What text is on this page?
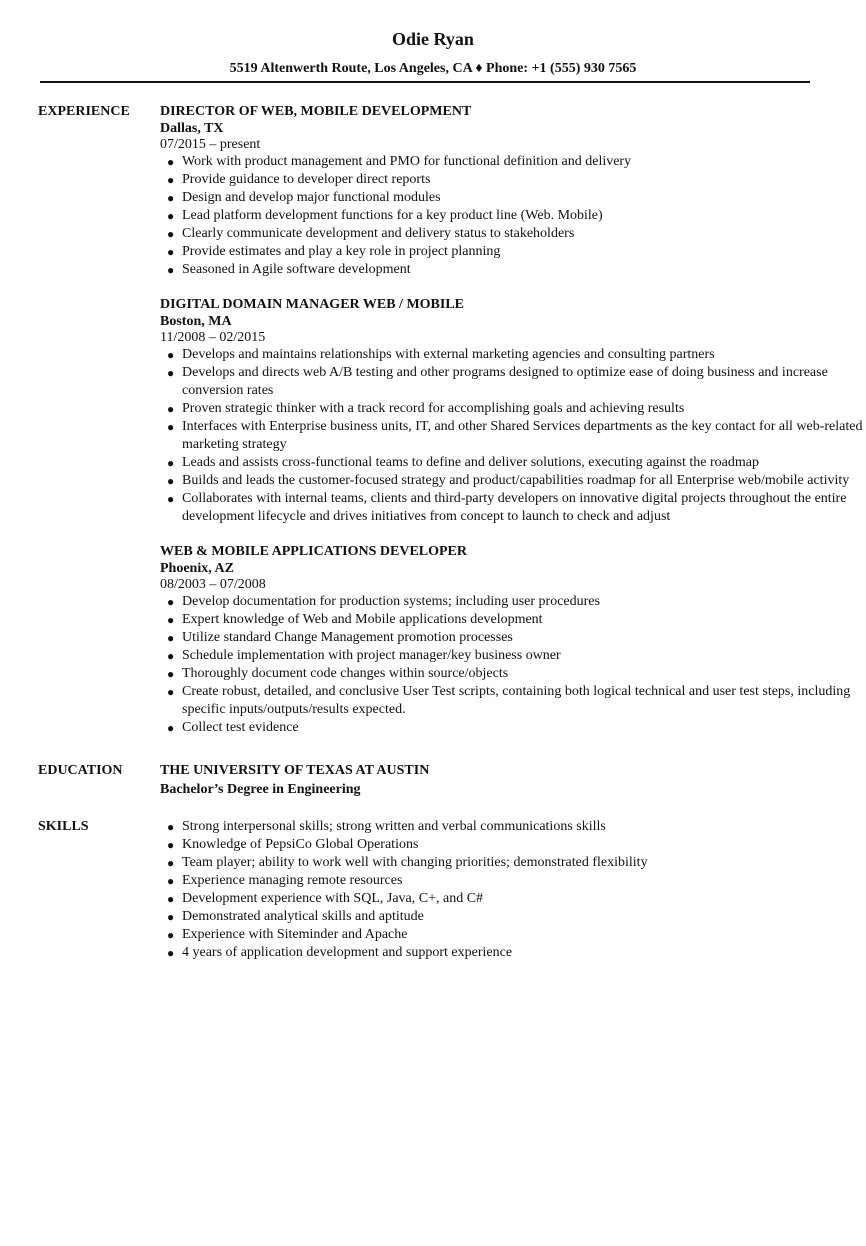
Odie Ryan
5519 Altenwerth Route, Los Angeles, CA ♦ Phone: +1 (555) 930 7565
EXPERIENCE	DIRECTOR OF WEB, MOBILE DEVELOPMENT
Dallas, TX
07/2015 – present
● Work with product management and PMO for functional definition and delivery
● Provide guidance to developer direct reports
● Design and develop major functional modules
● Lead platform development functions for a key product line (Web. Mobile)
● Clearly communicate development and delivery status to stakeholders
● Provide estimates and play a key role in project planning
● Seasoned in Agile software development
DIGITAL DOMAIN MANAGER WEB / MOBILE
Boston, MA
11/2008 – 02/2015
● Develops and maintains relationships with external marketing agencies and consulting partners
● Develops and directs web A/B testing and other programs designed to optimize ease of doing business and increase conversion rates
● Proven strategic thinker with a track record for accomplishing goals and achieving results
● Interfaces with Enterprise business units, IT, and other Shared Services departments as the key contact for all web-related marketing strategy
● Leads and assists cross-functional teams to define and deliver solutions, executing against the roadmap
● Builds and leads the customer-focused strategy and product/capabilities roadmap for all Enterprise web/mobile activity
● Collaborates with internal teams, clients and third-party developers on innovative digital projects throughout the entire development lifecycle and drives initiatives from concept to launch to check and adjust
WEB & MOBILE APPLICATIONS DEVELOPER
Phoenix, AZ
08/2003 – 07/2008
● Develop documentation for production systems; including user procedures
● Expert knowledge of Web and Mobile applications development
● Utilize standard Change Management promotion processes
● Schedule implementation with project manager/key business owner
● Thoroughly document code changes within source/objects
● Create robust, detailed, and conclusive User Test scripts, containing both logical technical and user test steps, including specific inputs/outputs/results expected.
● Collect test evidence
EDUCATION	THE UNIVERSITY OF TEXAS AT AUSTIN
Bachelor’s Degree in Engineering
SKILLS	● Strong interpersonal skills; strong written and verbal communications skills
● Knowledge of PepsiCo Global Operations
● Team player; ability to work well with changing priorities; demonstrated flexibility
● Experience managing remote resources
● Development experience with SQL, Java, C+, and C#
● Demonstrated analytical skills and aptitude
● Experience with Siteminder and Apache
● 4 years of application development and support experience
